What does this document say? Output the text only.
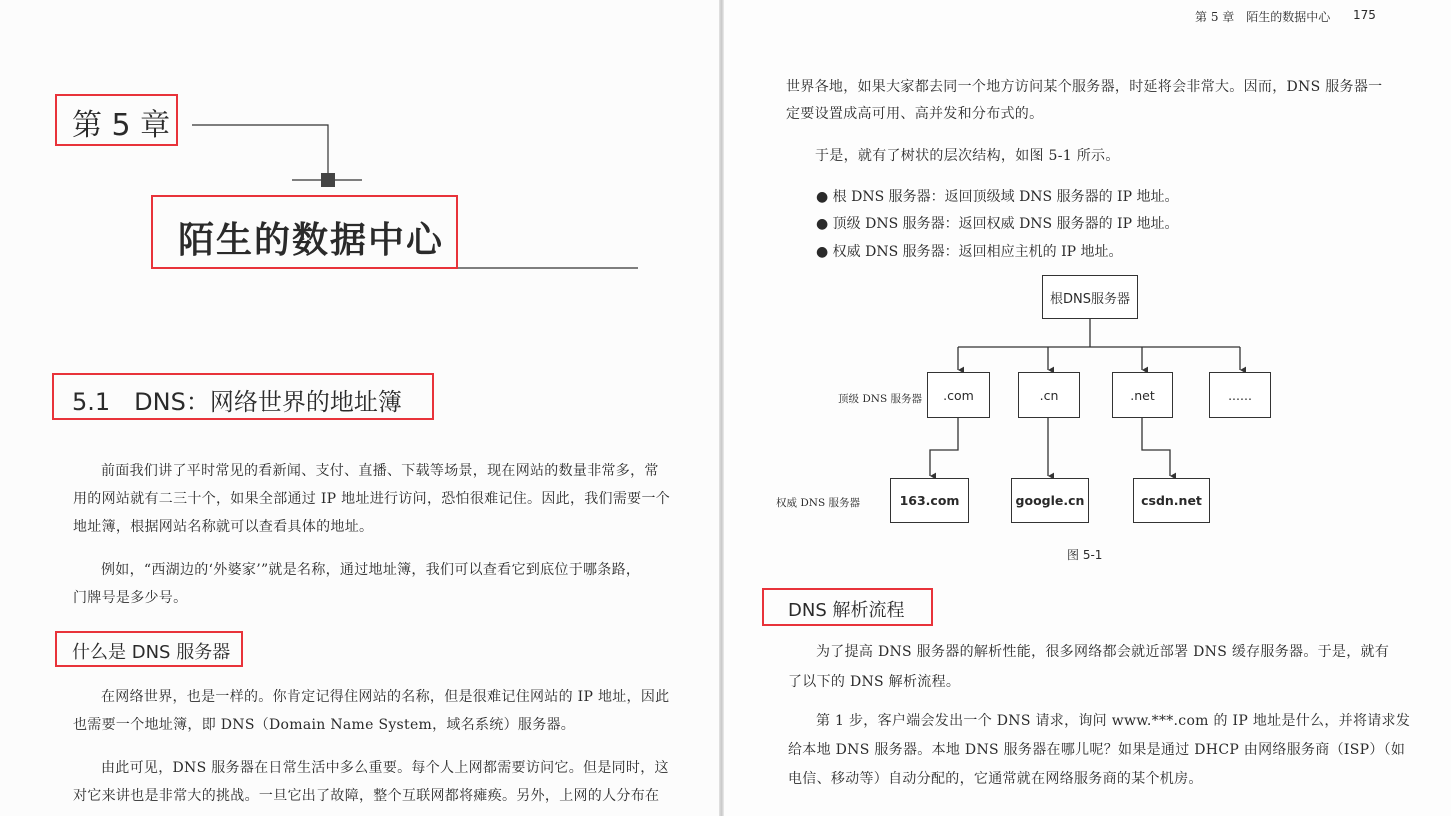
第 5 章
陌生的数据中心
5.1　DNS：网络世界的地址簿
前面我们讲了平时常见的看新闻、支付、直播、下载等场景，现在网站的数量非常多，常
用的网站就有二三十个，如果全部通过 IP 地址进行访问，恐怕很难记住。因此，我们需要一个
地址簿，根据网站名称就可以查看具体的地址。
例如，“西湖边的‘外婆家’”就是名称，通过地址簿，我们可以查看它到底位于哪条路，
门牌号是多少号。
什么是 DNS 服务器
在网络世界，也是一样的。你肯定记得住网站的名称，但是很难记住网站的 IP 地址，因此
也需要一个地址簿，即 DNS（Domain Name System，域名系统）服务器。
由此可见，DNS 服务器在日常生活中多么重要。每个人上网都需要访问它。但是同时，这
对它来讲也是非常大的挑战。一旦它出了故障，整个互联网都将瘫痪。另外，上网的人分布在
第 5 章　陌生的数据中心 175
世界各地，如果大家都去同一个地方访问某个服务器，时延将会非常大。因而，DNS 服务器一
定要设置成高可用、高并发和分布式的。
于是，就有了树状的层次结构，如图 5-1 所示。
● 根 DNS 服务器：返回顶级域 DNS 服务器的 IP 地址。
● 顶级 DNS 服务器：返回权威 DNS 服务器的 IP 地址。
● 权威 DNS 服务器：返回相应主机的 IP 地址。
根DNS服务器
顶级 DNS 服务器	.com	.cn	.net	......
权威 DNS 服务器	163.com	google.cn	csdn.net
图 5-1
DNS 解析流程
为了提高 DNS 服务器的解析性能，很多网络都会就近部署 DNS 缓存服务器。于是，就有
了以下的 DNS 解析流程。
第 1 步，客户端会发出一个 DNS 请求，询问 www.***.com 的 IP 地址是什么，并将请求发
给本地 DNS 服务器。本地 DNS 服务器在哪儿呢？如果是通过 DHCP 由网络服务商（ISP）（如
电信、移动等）自动分配的，它通常就在网络服务商的某个机房。
